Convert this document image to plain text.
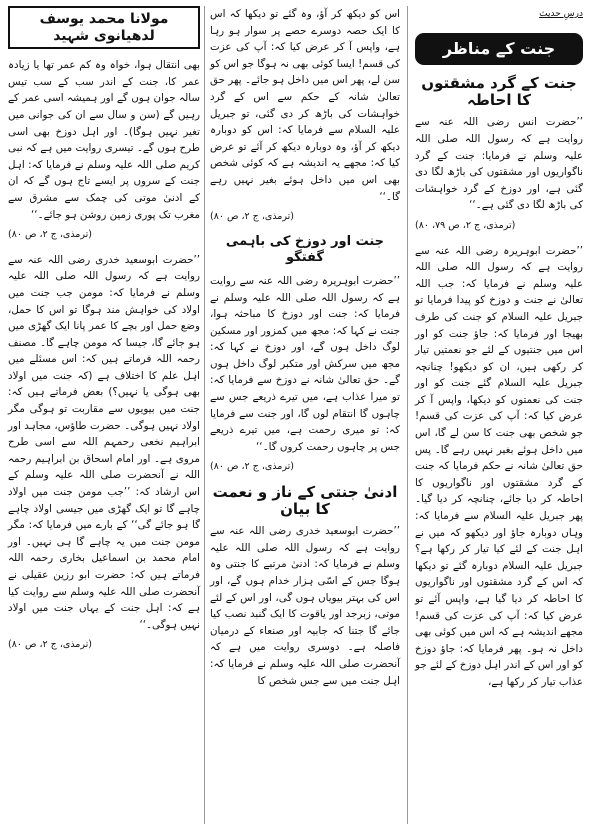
درسِ حدیث
جنت کے مناظر
جنت کے گرد مشقتوں کا احاطہ

’’حضرت انس رضی اللہ عنہ سے روایت ہے کہ رسول اللہ صلی اللہ علیہ وسلم نے فرمایا: جنت کے گرد ناگواریوں اور مشقتوں کی باڑھ لگا دی گئی ہے، اور دوزخ کے گرد خواہشات کی باڑھ لگا دی گئی ہے۔‘‘

(ترمذی، ج ۲، ص ۷۹، ۸۰)

’’حضرت ابوہریرہ رضی اللہ عنہ سے روایت ہے کہ رسول اللہ صلی اللہ علیہ وسلم نے فرمایا کہ: جب اللہ تعالیٰ نے جنت و دوزخ کو پیدا فرمایا تو جبریل علیہ السلام کو جنت کی طرف بھیجا اور فرمایا کہ: جاؤ جنت کو اور اس میں جنتیوں کے لئے جو نعمتیں تیار کر رکھی ہیں، ان کو دیکھو! چنانچہ جبریل علیہ السلام گئے جنت کو اور جنت کی نعمتوں کو دیکھا، واپس آ کر عرض کیا کہ: آپ کی عزت کی قسم! جو شخص بھی جنت کا سن لے گا، اس میں داخل ہوئے بغیر نہیں رہے گا۔ پس حق تعالیٰ شانہ نے حکم فرمایا کہ جنت کے گرد مشقتوں اور ناگواریوں کا احاطہ کر دیا جائے، چنانچہ کر دیا گیا۔ پھر جبریل علیہ السلام سے فرمایا کہ: وہاں دوبارہ جاؤ اور دیکھو کہ میں نے اہل جنت کے لئے کیا تیار کر رکھا ہے؟ جبریل علیہ السلام دوبارہ گئے تو دیکھا کہ اس کے گرد مشقتوں اور ناگواریوں کا احاطہ کر دیا گیا ہے، واپس آئے تو عرض کیا کہ: آپ کی عزت کی قسم! مجھے اندیشہ ہے کہ اس میں کوئی بھی داخل نہ ہو۔ پھر فرمایا کہ: جاؤ دوزخ کو اور اس کے اندر اہل دوزخ کے لئے جو عذاب تیار کر رکھا ہے،

اس کو دیکھ کر آؤ، وہ گئے تو دیکھا کہ اس کا ایک حصہ دوسرے حصے پر سوار ہو رہا ہے، واپس آ کر عرض کیا کہ: آپ کی عزت کی قسم! ایسا کوئی بھی نہ ہوگا جو اس کو سن لے، پھر اس میں داخل ہو جائے۔ پھر حق تعالیٰ شانہ کے حکم سے اس کے گرد خواہشات کی باڑھ کر دی گئی، تو جبریل علیہ السلام سے فرمایا کہ: اس کو دوبارہ دیکھ کر آؤ، وہ دوبارہ دیکھ کر آئے تو عرض کیا کہ: مجھے یہ اندیشہ ہے کہ کوئی شخص بھی اس میں داخل ہوئے بغیر نہیں رہے گا۔‘‘

(ترمذی، ج ۲، ص ۸۰)
جنت اور دوزخ کی باہمی گفتگو

’’حضرت ابوہریرہ رضی اللہ عنہ سے روایت ہے کہ رسول اللہ صلی اللہ علیہ وسلم نے فرمایا کہ: جنت اور دوزخ کا مباحثہ ہوا، جنت نے کہا کہ: مجھ میں کمزور اور مسکین لوگ داخل ہوں گے، اور دوزخ نے کہا کہ: مجھ میں سرکش اور متکبر لوگ داخل ہوں گے۔ حق تعالیٰ شانہ نے دوزخ سے فرمایا کہ: تو میرا عذاب ہے، میں تیرے ذریعے جس سے چاہوں گا انتقام لوں گا، اور جنت سے فرمایا کہ: تو میری رحمت ہے، میں تیرے ذریعے جس پر چاہوں رحمت کروں گا۔‘‘

(ترمذی، ج ۲، ص ۸۰)
ادنیٰ جنتی کے ناز و نعمت کا بیان

’’حضرت ابوسعید خدری رضی اللہ عنہ سے روایت ہے کہ رسول اللہ صلی اللہ علیہ وسلم نے فرمایا کہ: ادنیٰ مرتبے کا جنتی وہ ہوگا جس کے اسّی ہزار خدام ہوں گے، اور اس کی بہتر بیویاں ہوں گی، اور اس کے لئے موتی، زبرجد اور یاقوت کا ایک گنبد نصب کیا جائے گا جتنا کہ جابیہ اور صنعاء کے درمیان فاصلہ ہے۔ دوسری روایت میں ہے کہ آنحضرت صلی اللہ علیہ وسلم نے فرمایا کہ: اہل جنت میں سے جس شخص کا

مولانا محمد یوسف لدھیانوی شہید

بھی انتقال ہوا، خواہ وہ کم عمر تھا یا زیادہ عمر کا، جنت کے اندر سب کے سب تیس سالہ جوان ہوں گے اور ہمیشہ اسی عمر کے رہیں گے (سن و سال سے ان کی جوانی میں تغیر نہیں ہوگا)۔ اور اہل دوزخ بھی اسی طرح ہوں گے۔ تیسری روایت میں ہے کہ نبی کریم صلی اللہ علیہ وسلم نے فرمایا کہ: اہل جنت کے سروں پر ایسے تاج ہوں گے کہ ان کے ادنیٰ موتی کی چمک سے مشرق سے مغرب تک پوری زمین روشن ہو جائے۔‘‘

(ترمذی، ج ۲، ص ۸۰)

’’حضرت ابوسعید خدری رضی اللہ عنہ سے روایت ہے کہ رسول اللہ صلی اللہ علیہ وسلم نے فرمایا کہ: مومن جب جنت میں اولاد کی خواہش مند ہوگا تو اس کا حمل، وضع حمل اور بچے کا عمر پانا ایک گھڑی میں ہو جائے گا، جیسا کہ مومن چاہے گا۔ مصنف رحمہ اللہ فرماتے ہیں کہ: اس مسئلے میں اہل علم کا اختلاف ہے (کہ جنت میں اولاد بھی ہوگی یا نہیں؟) بعض فرماتے ہیں کہ: جنت میں بیویوں سے مقاربت تو ہوگی مگر اولاد نہیں ہوگی۔ حضرت طاؤس، مجاہد اور ابراہیم نخعی رحمہم اللہ سے اسی طرح مروی ہے۔ اور امام اسحاق بن ابراہیم رحمہ اللہ نے آنحضرت صلی اللہ علیہ وسلم کے اس ارشاد کہ: ’’جب مومن جنت میں اولاد چاہے گا تو ایک گھڑی میں جیسی اولاد چاہے گا ہو جائے گی‘‘ کے بارے میں فرمایا کہ: مگر مومن جنت میں یہ چاہے گا ہی نہیں۔ اور امام محمد بن اسماعیل بخاری رحمہ اللہ فرماتے ہیں کہ: حضرت ابو رزین عقیلی نے آنحضرت صلی اللہ علیہ وسلم سے روایت کیا ہے کہ: اہل جنت کے یہاں جنت میں اولاد نہیں ہوگی۔‘‘

(ترمذی، ج ۲، ص ۸۰)
